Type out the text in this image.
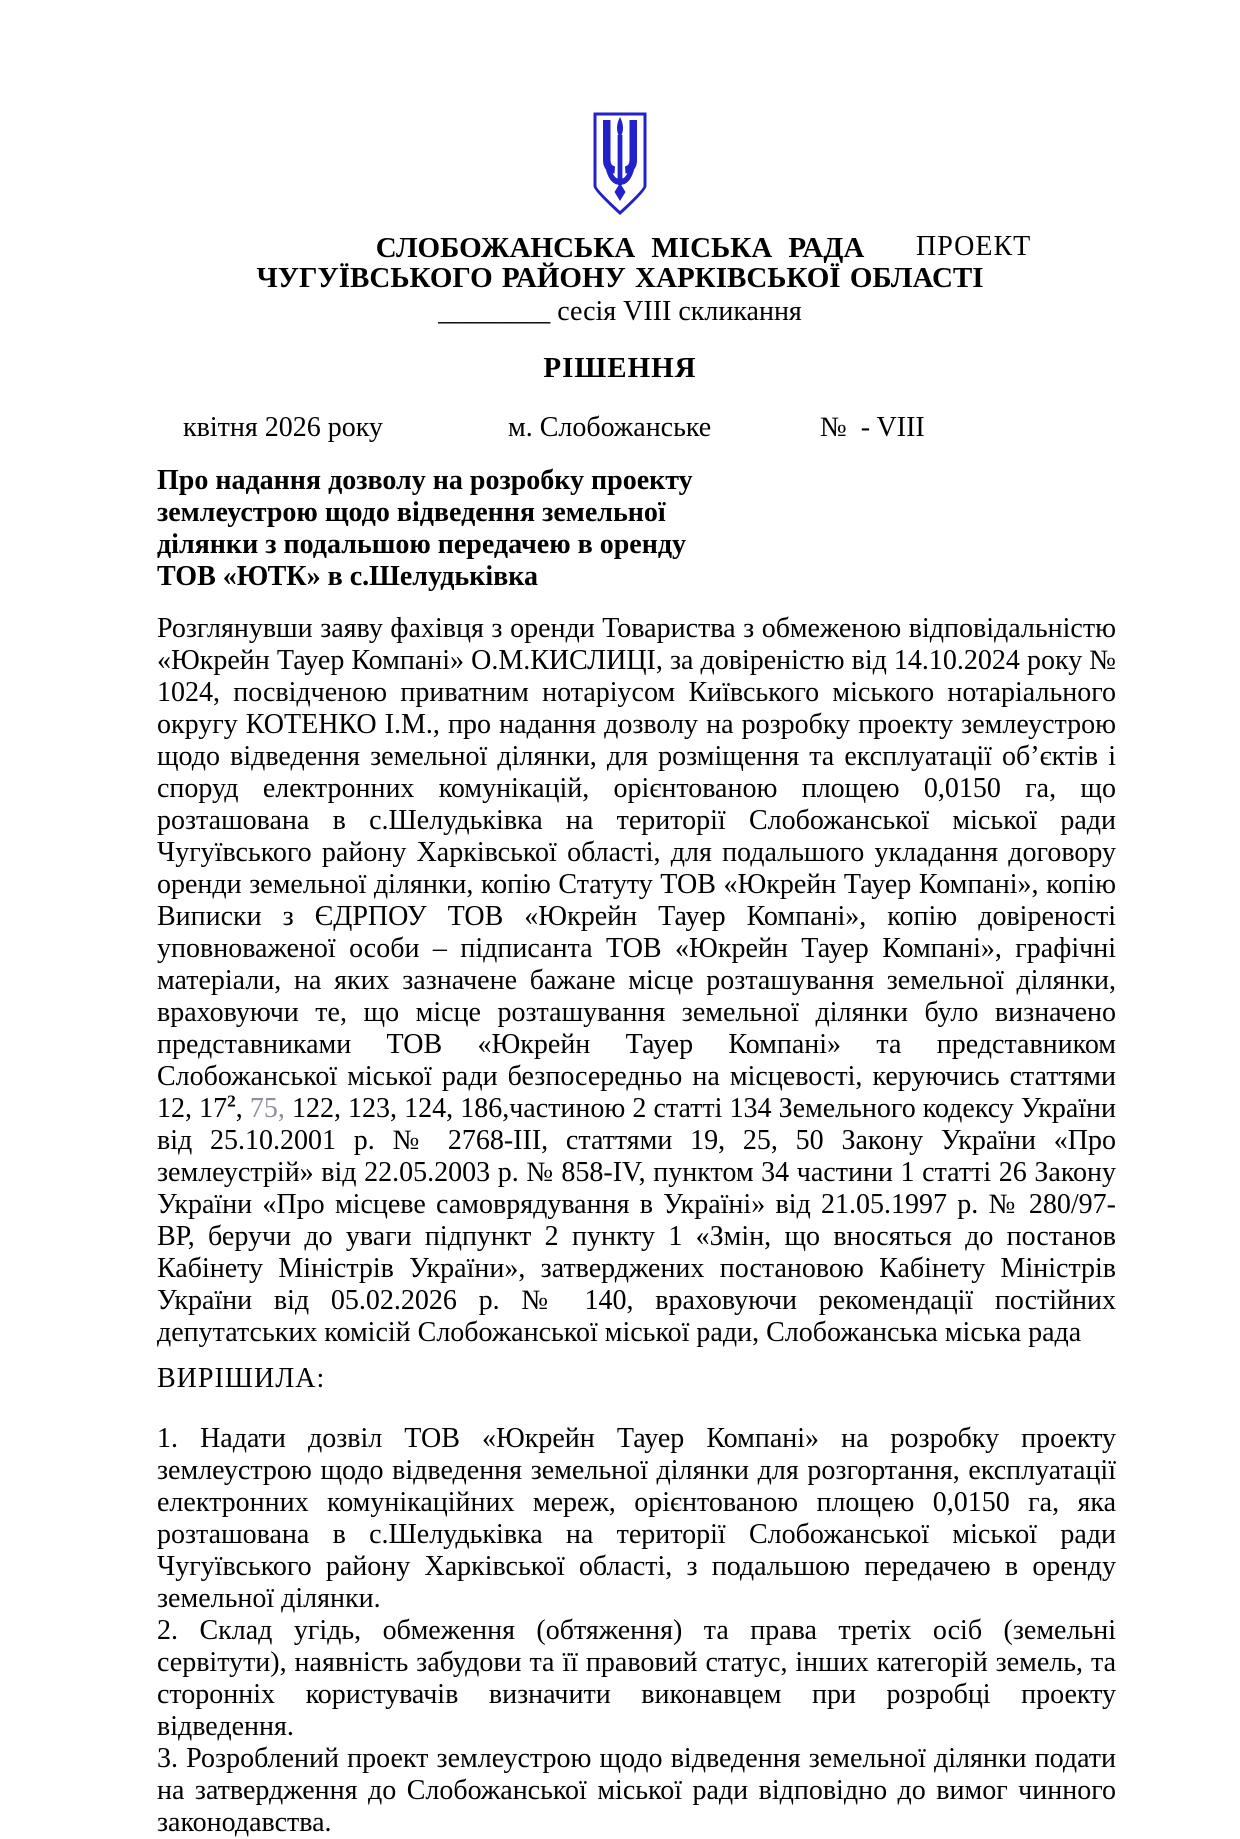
ПРОЕКТ
СЛОБОЖАНСЬКА МІСЬКА РАДА
ЧУГУЇВСЬКОГО РАЙОНУ ХАРКІВСЬКОЇ ОБЛАСТІ
________ сесія VIII скликання
РІШЕННЯ
квітня 2026 року	м. Слобожанське	№  - VIII
Про надання дозволу на розробку проекту
землеустрою щодо відведення земельної
ділянки з подальшою передачею в оренду
ТОВ «ЮТК» в с.Шелудьківка

Розглянувши заяву фахівця з оренди Товариства з обмеженою відповідальністю «Юкрейн Тауер Компані» О.М.КИСЛИЦІ, за довіреністю від 14.10.2024 року № 1024, посвідченою приватним нотаріусом Київського міського нотаріального округу КОТЕНКО І.М., про надання дозволу на розробку проекту землеустрою щодо відведення земельної ділянки, для розміщення та експлуатації об’єктів і споруд електронних комунікацій, орієнтованою площею 0,0150 га, що розташована в с.Шелудьківка на території Слобожанської міської ради Чугуївського району Харківської області, для подальшого укладання договору оренди земельної ділянки, копію Статуту ТОВ «Юкрейн Тауер Компані», копію Виписки з ЄДРПОУ ТОВ «Юкрейн Тауер Компані», копію довіреності уповноваженої особи – підписанта ТОВ «Юкрейн Тауер Компані», графічні матеріали, на яких зазначене бажане місце розташування земельної ділянки, враховуючи те, що місце розташування земельної ділянки було визначено представниками ТОВ «Юкрейн Тауер Компані» та представником Слобожанської міської ради безпосередньо на місцевості, керуючись статтями 12, $17^2$, 75, 122, 123, 124, 186,частиною 2 статті 134 Земельного кодексу України від 25.10.2001 р. № 2768-ІІІ, статтями 19, 25, 50 Закону України «Про землеустрій» від 22.05.2003 р. № 858-IV, пунктом 34 частини 1 статті 26 Закону України «Про місцеве самоврядування в Україні» від 21.05.1997 р. № 280/97-ВР, беручи до уваги підпункт 2 пункту 1 «Змін, що вносяться до постанов Кабінету Міністрів України», затверджених постановою Кабінету Міністрів України від 05.02.2026 р. № 140, враховуючи рекомендації постійних депутатських комісій Слобожанської міської ради, Слобожанська міська рада

ВИРІШИЛА:

1. Надати дозвіл ТОВ «Юкрейн Тауер Компані» на розробку проекту землеустрою щодо відведення земельної ділянки для розгортання, експлуатації електронних комунікаційних мереж, орієнтованою площею 0,0150 га, яка розташована в с.Шелудьківка на території Слобожанської міської ради Чугуївського району Харківської області, з подальшою передачею в оренду земельної ділянки.

2. Склад угідь, обмеження (обтяження) та права третіх осіб (земельні сервітути), наявність забудови та її правовий статус, інших категорій земель, та сторонніх користувачів визначити виконавцем при розробці проекту відведення.

3. Розроблений проект землеустрою щодо відведення земельної ділянки подати на затвердження до Слобожанської міської ради відповідно до вимог чинного законодавства.
